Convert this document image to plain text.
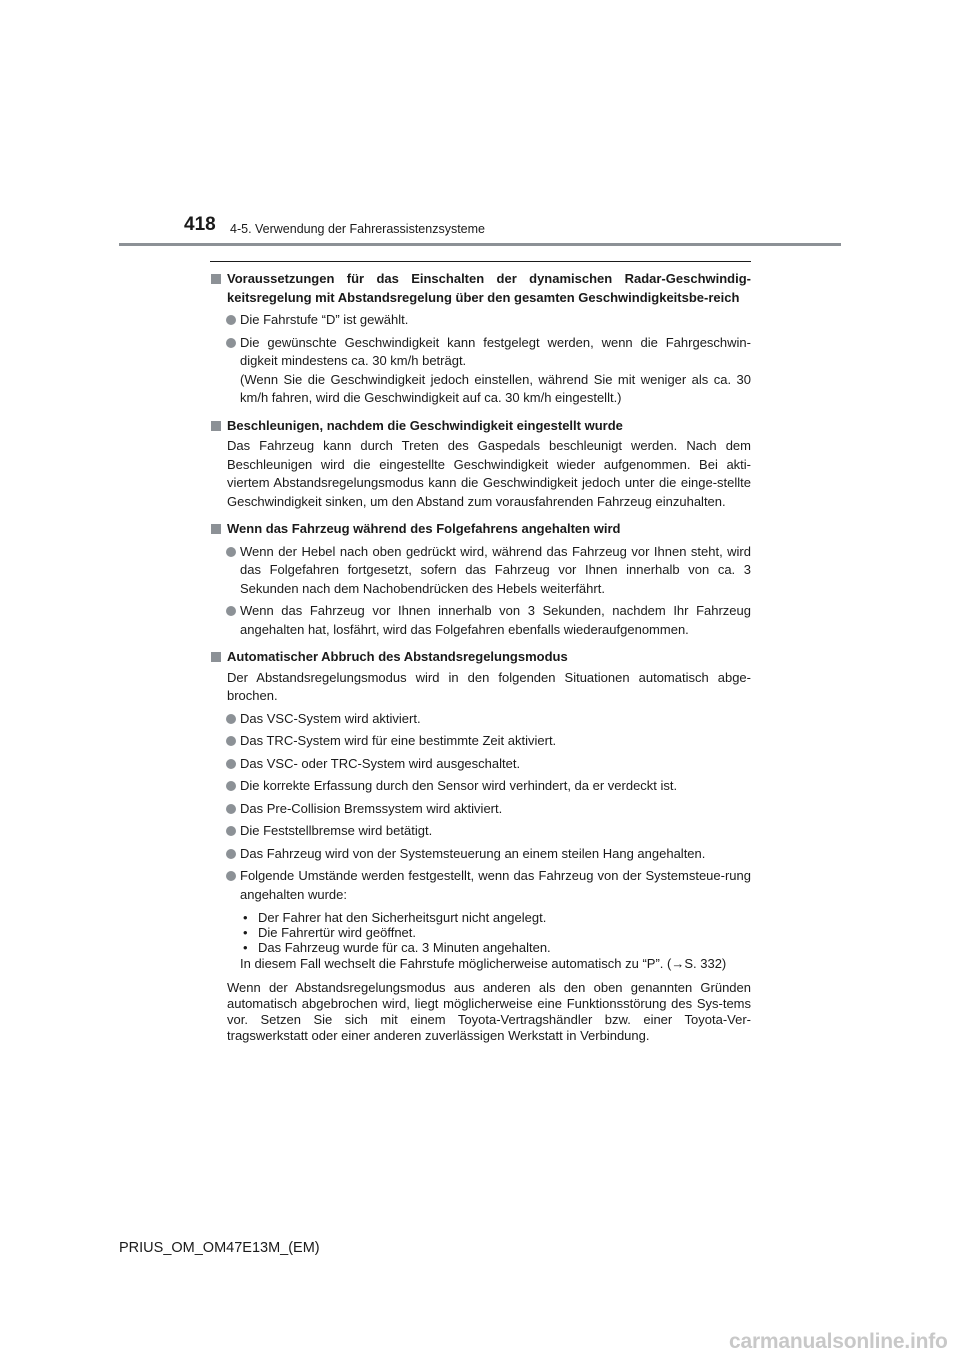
418 4-5. Verwendung der Fahrerassistenzsysteme

Voraussetzungen für das Einschalten der dynamischen Radar-Geschwindig-keitsregelung mit Abstandsregelung über den gesamten Geschwindigkeitsbe-reich

Die Fahrstufe “D” ist gewählt.

Die gewünschte Geschwindigkeit kann festgelegt werden, wenn die Fahrgeschwin-digkeit mindestens ca. 30 km/h beträgt.

(Wenn Sie die Geschwindigkeit jedoch einstellen, während Sie mit weniger als ca. 30 km/h fahren, wird die Geschwindigkeit auf ca. 30 km/h eingestellt.)

Beschleunigen, nachdem die Geschwindigkeit eingestellt wurde

Das Fahrzeug kann durch Treten des Gaspedals beschleunigt werden. Nach dem Beschleunigen wird die eingestellte Geschwindigkeit wieder aufgenommen. Bei akti-viertem Abstandsregelungsmodus kann die Geschwindigkeit jedoch unter die einge-stellte Geschwindigkeit sinken, um den Abstand zum vorausfahrenden Fahrzeug einzuhalten.

Wenn das Fahrzeug während des Folgefahrens angehalten wird

Wenn der Hebel nach oben gedrückt wird, während das Fahrzeug vor Ihnen steht, wird das Folgefahren fortgesetzt, sofern das Fahrzeug vor Ihnen innerhalb von ca. 3 Sekunden nach dem Nachobendrücken des Hebels weiterfährt.

Wenn das Fahrzeug vor Ihnen innerhalb von 3 Sekunden, nachdem Ihr Fahrzeug angehalten hat, losfährt, wird das Folgefahren ebenfalls wiederaufgenommen.

Automatischer Abbruch des Abstandsregelungsmodus

Der Abstandsregelungsmodus wird in den folgenden Situationen automatisch abge-brochen.

Das VSC-System wird aktiviert.

Das TRC-System wird für eine bestimmte Zeit aktiviert.

Das VSC- oder TRC-System wird ausgeschaltet.

Die korrekte Erfassung durch den Sensor wird verhindert, da er verdeckt ist.

Das Pre-Collision Bremssystem wird aktiviert.

Die Feststellbremse wird betätigt.

Das Fahrzeug wird von der Systemsteuerung an einem steilen Hang angehalten.

Folgende Umstände werden festgestellt, wenn das Fahrzeug von der Systemsteue-rung angehalten wurde:

• Der Fahrer hat den Sicherheitsgurt nicht angelegt.

• Die Fahrertür wird geöffnet.

• Das Fahrzeug wurde für ca. 3 Minuten angehalten.

In diesem Fall wechselt die Fahrstufe möglicherweise automatisch zu “P”. (→S. 332)

Wenn der Abstandsregelungsmodus aus anderen als den oben genannten Gründen automatisch abgebrochen wird, liegt möglicherweise eine Funktionsstörung des Sys-tems vor. Setzen Sie sich mit einem Toyota-Vertragshändler bzw. einer Toyota-Ver-tragswerkstatt oder einer anderen zuverlässigen Werkstatt in Verbindung.

PRIUS_OM_OM47E13M_(EM)
carmanualsonline.info
